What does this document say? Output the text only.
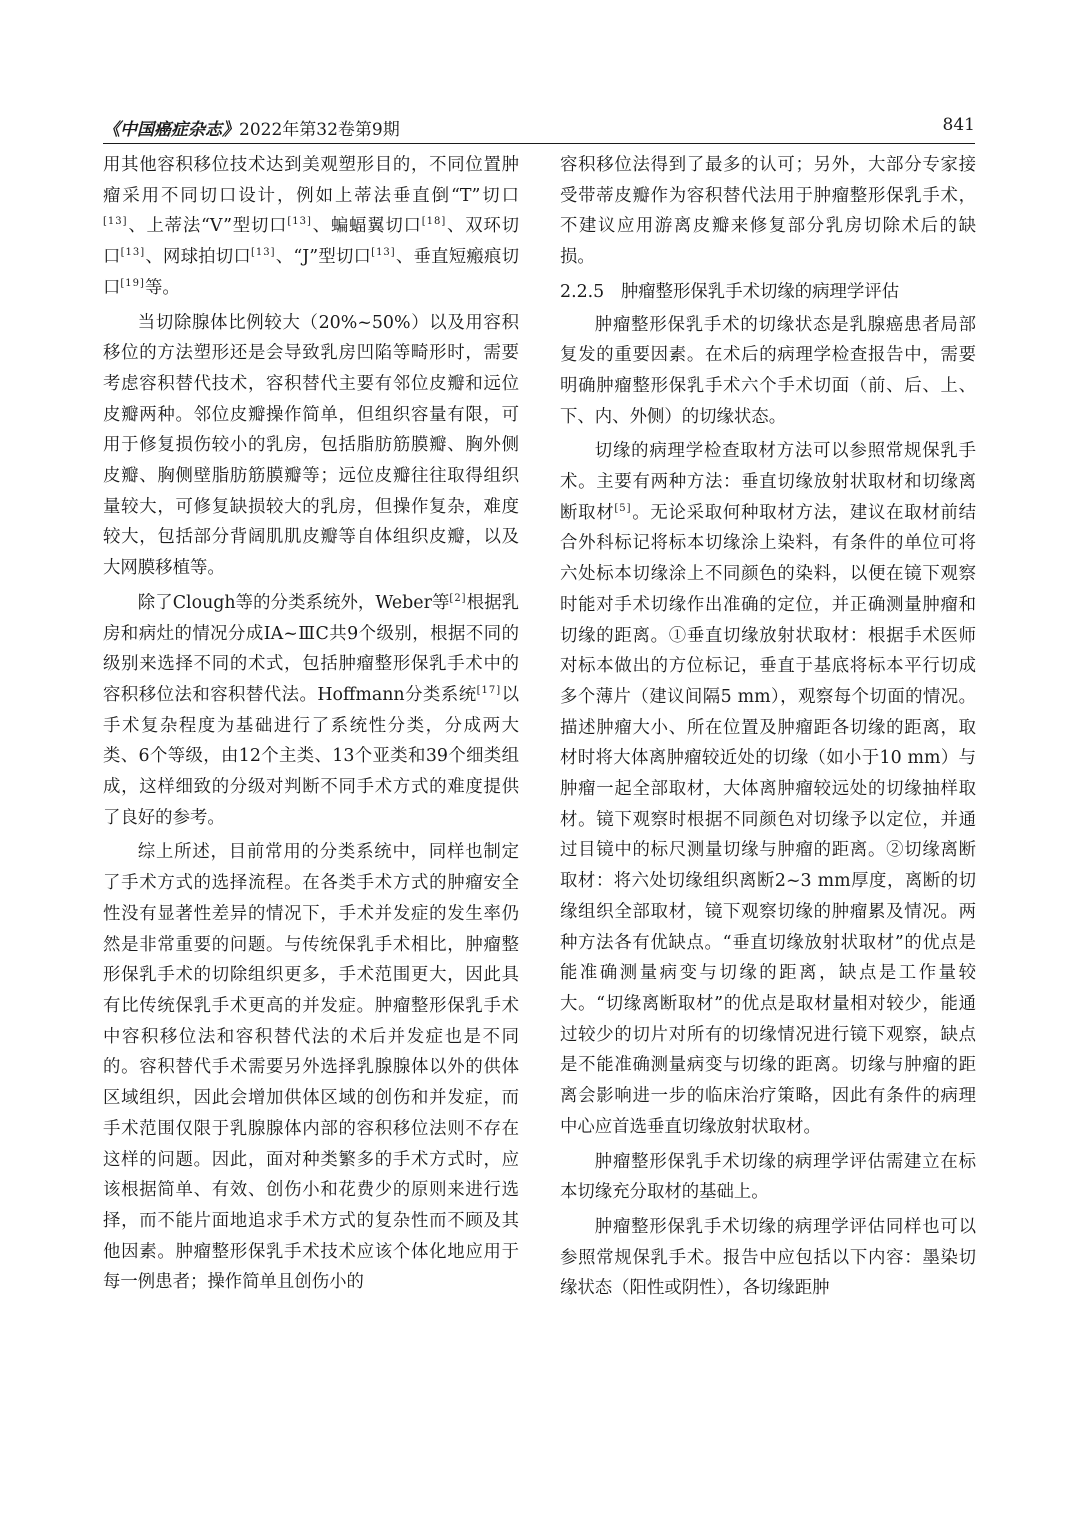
《中国癌症杂志》2022年第32卷第9期	841

用其他容积移位技术达到美观塑形目的，不同位置肿瘤采用不同切口设计，例如上蒂法垂直倒“T”切口[13]、上蒂法“V”型切口[13]、蝙蝠翼切口[18]、双环切口[13]、网球拍切口[13]、“J”型切口[13]、垂直短瘢痕切口[19]等。

当切除腺体比例较大（20%~50%）以及用容积移位的方法塑形还是会导致乳房凹陷等畸形时，需要考虑容积替代技术，容积替代主要有邻位皮瓣和远位皮瓣两种。邻位皮瓣操作简单，但组织容量有限，可用于修复损伤较小的乳房，包括脂肪筋膜瓣、胸外侧皮瓣、胸侧壁脂肪筋膜瓣等；远位皮瓣往往取得组织量较大，可修复缺损较大的乳房，但操作复杂，难度较大，包括部分背阔肌肌皮瓣等自体组织皮瓣，以及大网膜移植等。

除了Clough等的分类系统外，Weber等[2]根据乳房和病灶的情况分成IA~ⅢC共9个级别，根据不同的级别来选择不同的术式，包括肿瘤整形保乳手术中的容积移位法和容积替代法。Hoffmann分类系统[17]以手术复杂程度为基础进行了系统性分类，分成两大类、6个等级，由12个主类、13个亚类和39个细类组成，这样细致的分级对判断不同手术方式的难度提供了良好的参考。

综上所述，目前常用的分类系统中，同样也制定了手术方式的选择流程。在各类手术方式的肿瘤安全性没有显著性差异的情况下，手术并发症的发生率仍然是非常重要的问题。与传统保乳手术相比，肿瘤整形保乳手术的切除组织更多，手术范围更大，因此具有比传统保乳手术更高的并发症。肿瘤整形保乳手术中容积移位法和容积替代法的术后并发症也是不同的。容积替代手术需要另外选择乳腺腺体以外的供体区域组织，因此会增加供体区域的创伤和并发症，而手术范围仅限于乳腺腺体内部的容积移位法则不存在这样的问题。因此，面对种类繁多的手术方式时，应该根据简单、有效、创伤小和花费少的原则来进行选择，而不能片面地追求手术方式的复杂性而不顾及其他因素。肿瘤整形保乳手术技术应该个体化地应用于每一例患者；操作简单且创伤小的

容积移位法得到了最多的认可；另外，大部分专家接受带蒂皮瓣作为容积替代法用于肿瘤整形保乳手术，不建议应用游离皮瓣来修复部分乳房切除术后的缺损。

2.2.5 肿瘤整形保乳手术切缘的病理学评估

肿瘤整形保乳手术的切缘状态是乳腺癌患者局部复发的重要因素。在术后的病理学检查报告中，需要明确肿瘤整形保乳手术六个手术切面（前、后、上、下、内、外侧）的切缘状态。

切缘的病理学检查取材方法可以参照常规保乳手术。主要有两种方法：垂直切缘放射状取材和切缘离断取材[5]。无论采取何种取材方法，建议在取材前结合外科标记将标本切缘涂上染料，有条件的单位可将六处标本切缘涂上不同颜色的染料，以便在镜下观察时能对手术切缘作出准确的定位，并正确测量肿瘤和切缘的距离。①垂直切缘放射状取材：根据手术医师对标本做出的方位标记，垂直于基底将标本平行切成多个薄片（建议间隔5 mm），观察每个切面的情况。描述肿瘤大小、所在位置及肿瘤距各切缘的距离，取材时将大体离肿瘤较近处的切缘（如小于10 mm）与肿瘤一起全部取材，大体离肿瘤较远处的切缘抽样取材。镜下观察时根据不同颜色对切缘予以定位，并通过目镜中的标尺测量切缘与肿瘤的距离。②切缘离断取材：将六处切缘组织离断2~3 mm厚度，离断的切缘组织全部取材，镜下观察切缘的肿瘤累及情况。两种方法各有优缺点。“垂直切缘放射状取材”的优点是能准确测量病变与切缘的距离，缺点是工作量较大。“切缘离断取材”的优点是取材量相对较少，能通过较少的切片对所有的切缘情况进行镜下观察，缺点是不能准确测量病变与切缘的距离。切缘与肿瘤的距离会影响进一步的临床治疗策略，因此有条件的病理中心应首选垂直切缘放射状取材。

肿瘤整形保乳手术切缘的病理学评估需建立在标本切缘充分取材的基础上。

肿瘤整形保乳手术切缘的病理学评估同样也可以参照常规保乳手术。报告中应包括以下内容：墨染切缘状态（阳性或阴性），各切缘距肿
